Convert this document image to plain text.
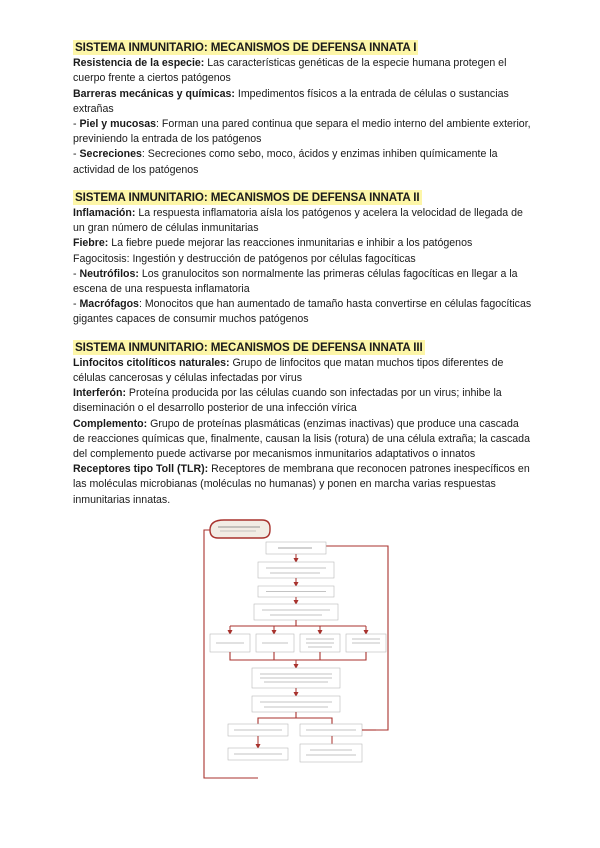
SISTEMA INMUNITARIO: MECANISMOS DE DEFENSA INNATA I

Resistencia de la especie: Las características genéticas de la especie humana protegen el cuerpo frente a ciertos patógenos

Barreras mecánicas y químicas: Impedimentos físicos a la entrada de células o sustancias extrañas

- Piel y mucosas: Forman una pared continua que separa el medio interno del ambiente exterior, previniendo la entrada de los patógenos

- Secreciones: Secreciones como sebo, moco, ácidos y enzimas inhiben químicamente la actividad de los patógenos

SISTEMA INMUNITARIO: MECANISMOS DE DEFENSA INNATA II

Inflamación: La respuesta inflamatoria aísla los patógenos y acelera la velocidad de llegada de un gran número de células inmunitarias

Fiebre: La fiebre puede mejorar las reacciones inmunitarias e inhibir a los patógenos

Fagocitosis: Ingestión y destrucción de patógenos por células fagocíticas

- Neutrófilos: Los granulocitos son normalmente las primeras células fagocíticas en llegar a la escena de una respuesta inflamatoria

- Macrófagos: Monocitos que han aumentado de tamaño hasta convertirse en células fagocíticas gigantes capaces de consumir muchos patógenos

SISTEMA INMUNITARIO: MECANISMOS DE DEFENSA INNATA III

Linfocitos citolíticos naturales: Grupo de linfocitos que matan muchos tipos diferentes de células cancerosas y células infectadas por virus

Interferón: Proteína producida por las células cuando son infectadas por un virus; inhibe la diseminación o el desarrollo posterior de una infección vírica

Complemento: Grupo de proteínas plasmáticas (enzimas inactivas) que produce una cascada de reacciones químicas que, finalmente, causan la lisis (rotura) de una célula extraña; la cascada del complemento puede activarse por mecanismos inmunitarios adaptativos o innatos

Receptores tipo Toll (TLR): Receptores de membrana que reconocen patrones inespecíficos en las moléculas microbianas (moléculas no humanas) y ponen en marcha varias respuestas inmunitarias innatas.
